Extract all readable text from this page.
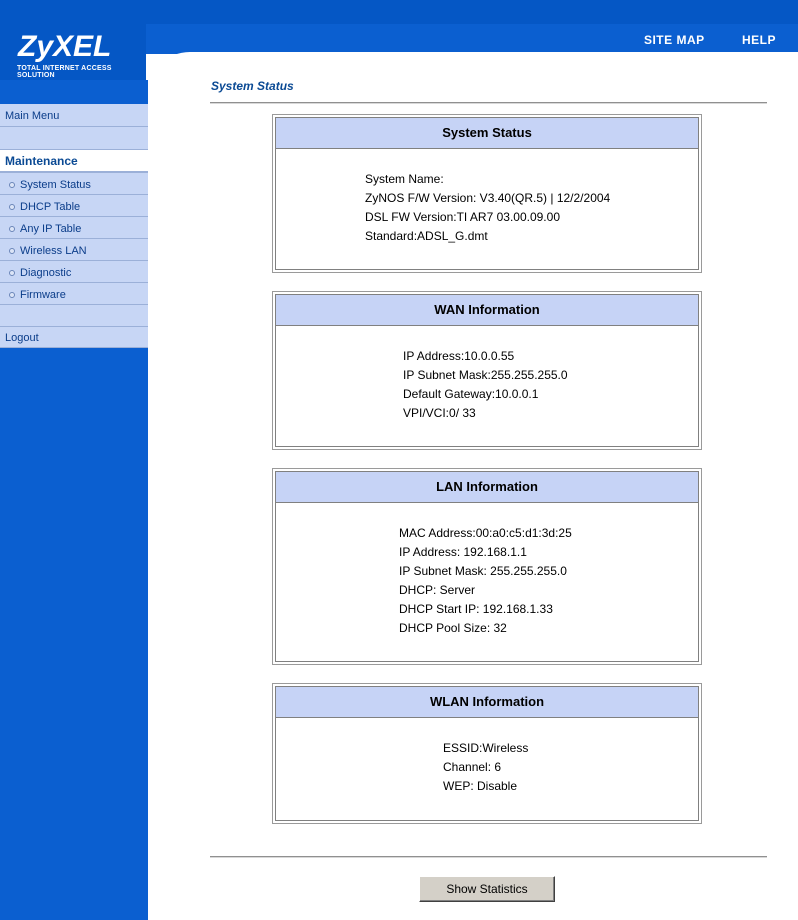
SITE MAP	HELP
ZyXEL
TOTAL INTERNET ACCESS SOLUTION
Main Menu
Maintenance
System Status
DHCP Table
Any IP Table
Wireless LAN
Diagnostic
Firmware
Logout
System Status
System Status
System Name:
ZyNOS F/W Version: V3.40(QR.5) | 12/2/2004
DSL FW Version:TI AR7 03.00.09.00
Standard:ADSL_G.dmt
WAN Information
IP Address:10.0.0.55
IP Subnet Mask:255.255.255.0
Default Gateway:10.0.0.1
VPI/VCI:0/ 33
LAN Information
MAC Address:00:a0:c5:d1:3d:25
IP Address: 192.168.1.1
IP Subnet Mask: 255.255.255.0
DHCP: Server
DHCP Start IP: 192.168.1.33
DHCP Pool Size: 32
WLAN Information
ESSID:Wireless
Channel: 6
WEP: Disable
Show Statistics
